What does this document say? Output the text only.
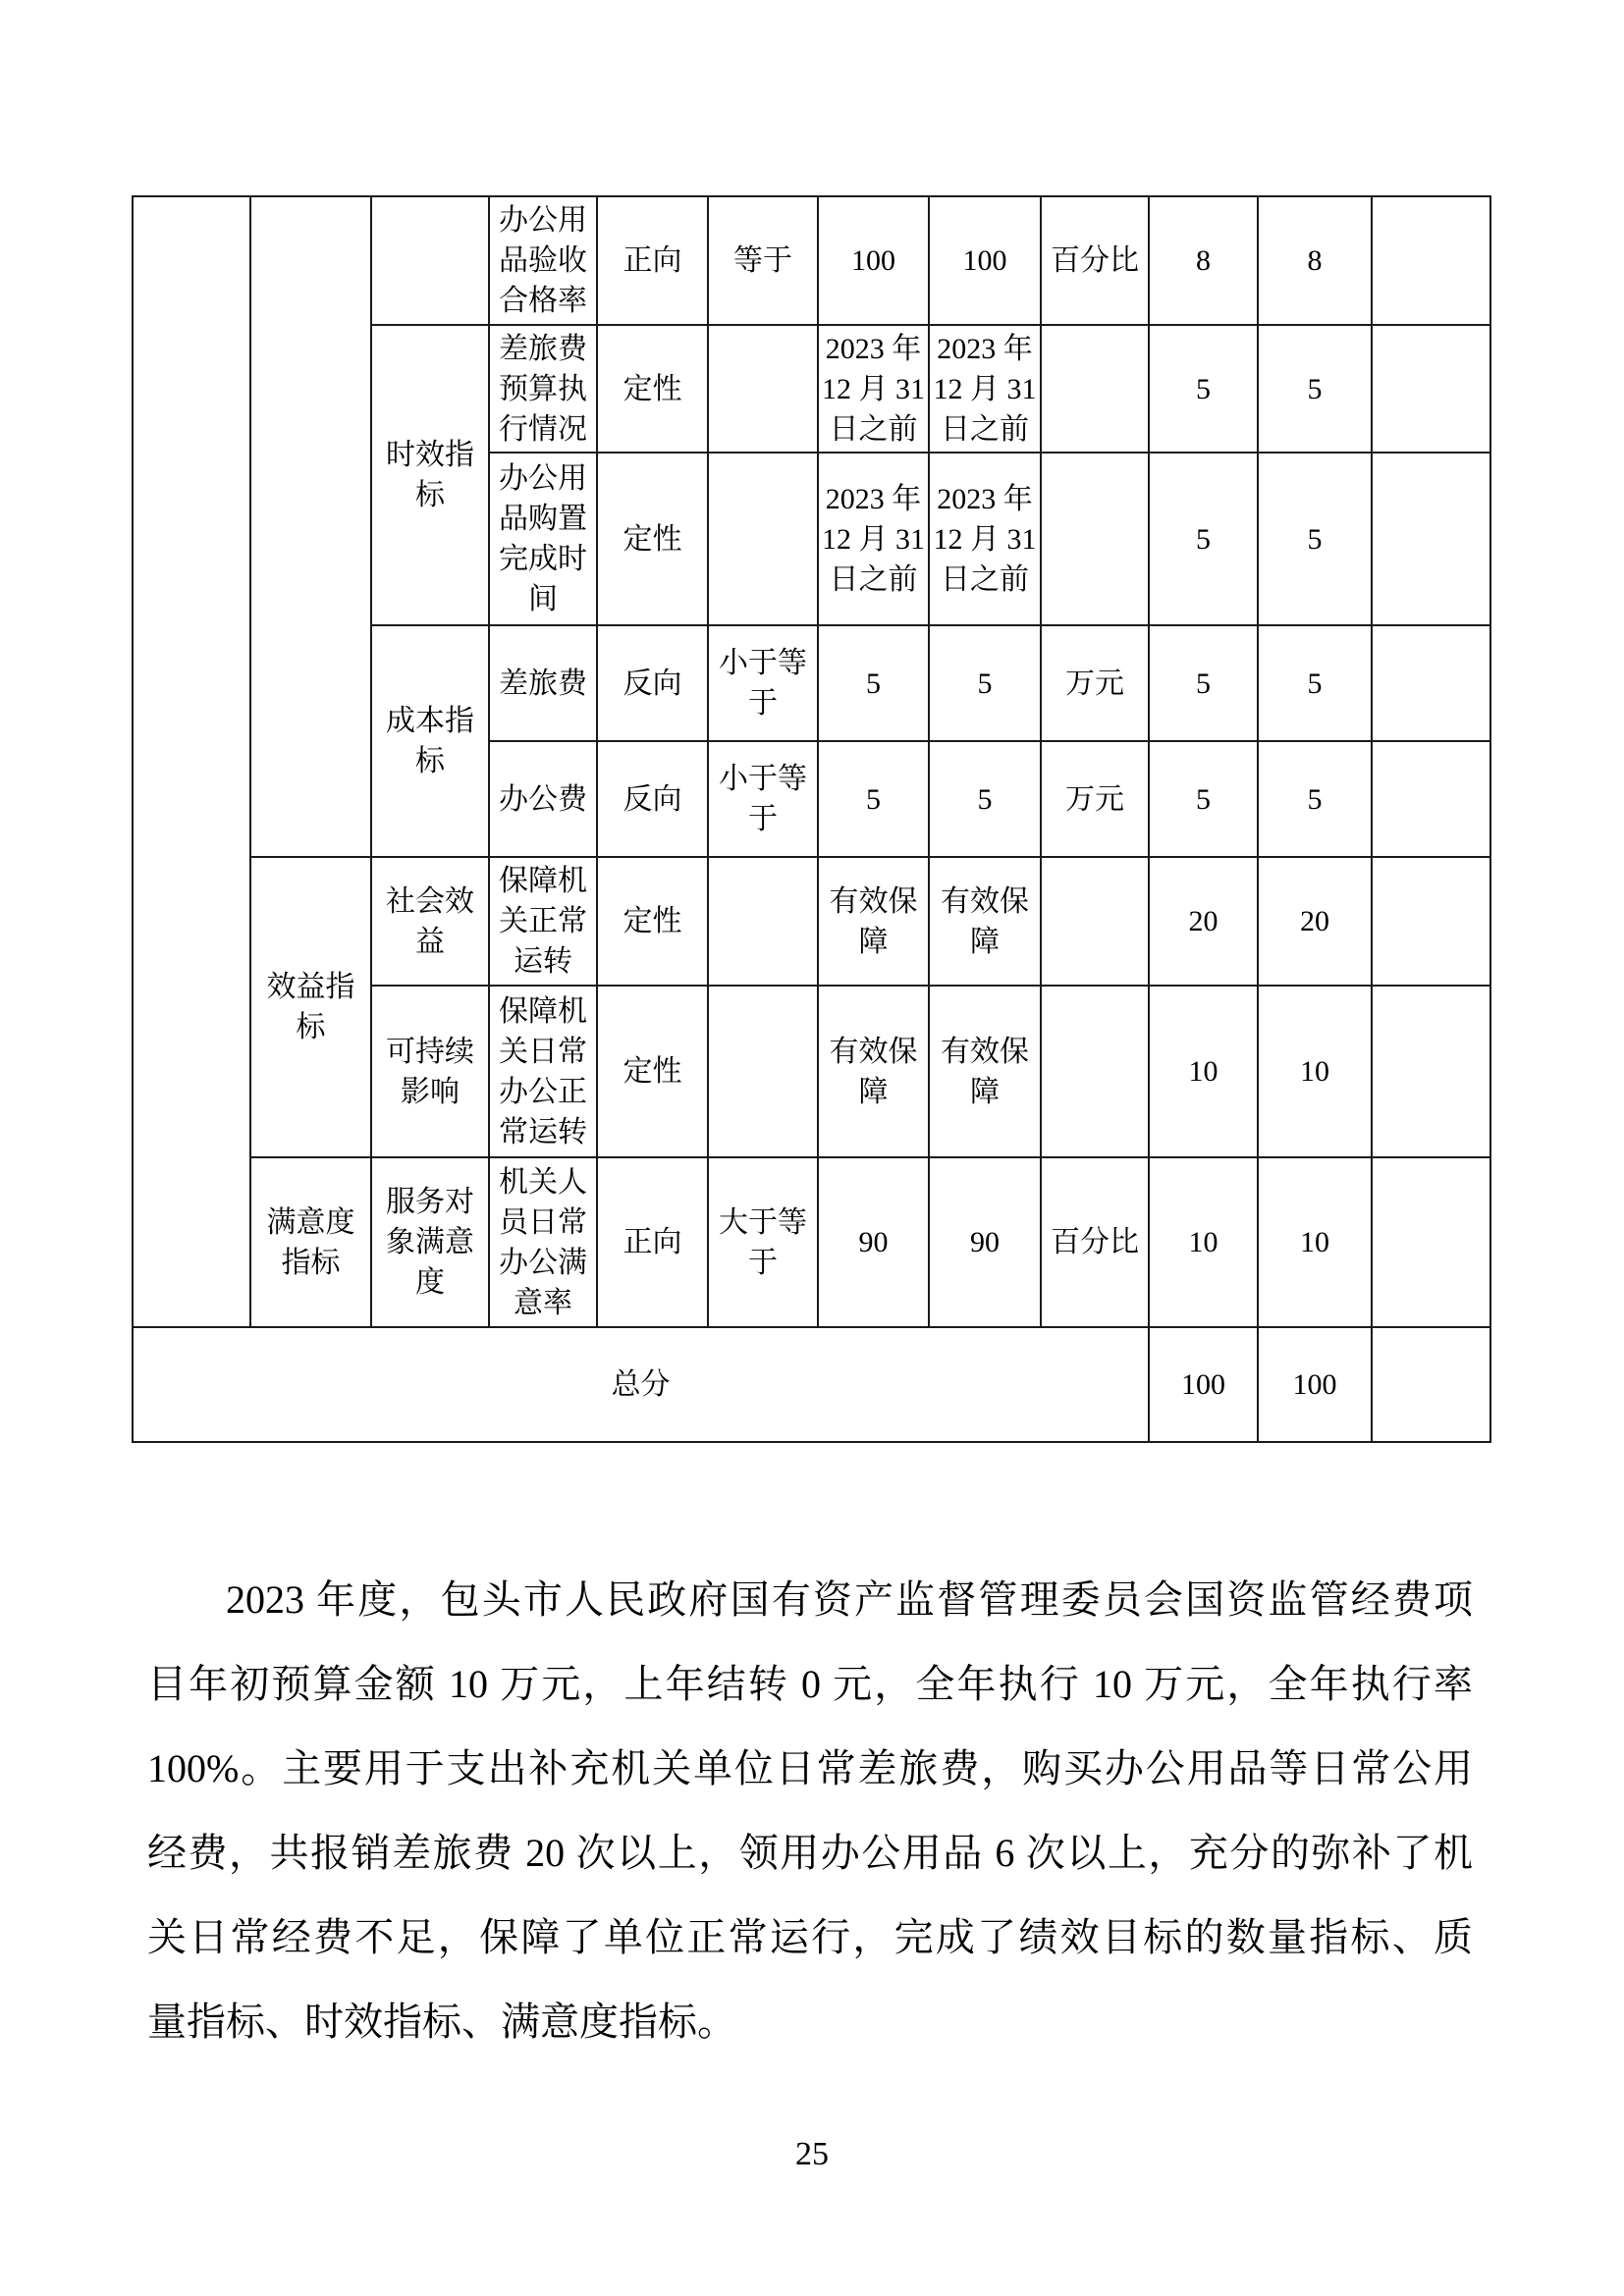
			办公用品验收合格率	正向	等于	100	100	百分比	8	8	
		时效指标	差旅费预算执行情况	定性		2023 年 12 月 31 日之前	2023 年 12 月 31 日之前		5	5	
			办公用品购置完成时间	定性		2023 年 12 月 31 日之前	2023 年 12 月 31 日之前		5	5	
		成本指标	差旅费	反向	小于等于	5	5	万元	5	5	
			办公费	反向	小于等于	5	5	万元	5	5	
	效益指标	社会效益	保障机关正常运转	定性		有效保障	有效保障		20	20	
		可持续影响	保障机关日常办公正常运转	定性		有效保障	有效保障		10	10	
	满意度指标	服务对象满意度	机关人员日常办公满意率	正向	大于等于	90	90	百分比	10	10	
总分									100	100	
2023 年度，包头市人民政府国有资产监督管理委员会国资监管经费项
目年初预算金额 10 万元，上年结转 0 元，全年执行 10 万元，全年执行率
100%。主要用于支出补充机关单位日常差旅费，购买办公用品等日常公用
经费，共报销差旅费 20 次以上，领用办公用品 6 次以上，充分的弥补了机
关日常经费不足，保障了单位正常运行，完成了绩效目标的数量指标、质
量指标、时效指标、满意度指标。
25
